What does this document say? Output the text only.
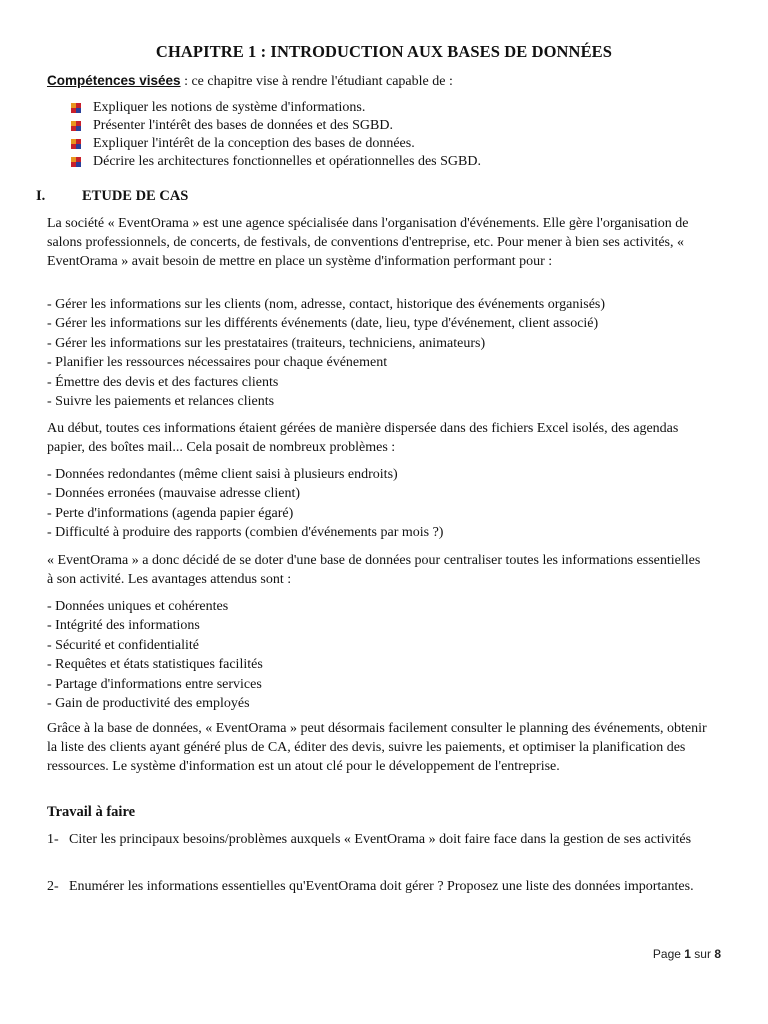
CHAPITRE 1 : INTRODUCTION AUX BASES DE DONNÉES
Compétences visées : ce chapitre vise à rendre l'étudiant capable de :
Expliquer les notions de système d'informations.
Présenter l'intérêt des bases de données et des SGBD.
Expliquer l'intérêt de la conception des bases de données.
Décrire les architectures fonctionnelles et opérationnelles des SGBD.
I.	ETUDE DE CAS

La société « EventOrama » est une agence spécialisée dans l'organisation d'événements. Elle gère l'organisation de salons professionnels, de concerts, de festivals, de conventions d'entreprise, etc. Pour mener à bien ses activités, « EventOrama » avait besoin de mettre en place un système d'information performant pour :

- Gérer les informations sur les clients (nom, adresse, contact, historique des événements organisés)
- Gérer les informations sur les différents événements (date, lieu, type d'événement, client associé)
- Gérer les informations sur les prestataires (traiteurs, techniciens, animateurs)
- Planifier les ressources nécessaires pour chaque événement
- Émettre des devis et des factures clients
- Suivre les paiements et relances clients

Au début, toutes ces informations étaient gérées de manière dispersée dans des fichiers Excel isolés, des agendas papier, des boîtes mail... Cela posait de nombreux problèmes :

- Données redondantes (même client saisi à plusieurs endroits)
- Données erronées (mauvaise adresse client)
- Perte d'informations (agenda papier égaré)
- Difficulté à produire des rapports (combien d'événements par mois ?)

« EventOrama » a donc décidé de se doter d'une base de données pour centraliser toutes les informations essentielles à son activité. Les avantages attendus sont :

- Données uniques et cohérentes
- Intégrité des informations
- Sécurité et confidentialité
- Requêtes et états statistiques facilités
- Partage d'informations entre services
- Gain de productivité des employés

Grâce à la base de données, « EventOrama » peut désormais facilement consulter le planning des événements, obtenir la liste des clients ayant généré plus de CA, éditer des devis, suivre les paiements, et optimiser la planification des ressources. Le système d'information est un atout clé pour le développement de l'entreprise.

Travail à faire
1- Citer les principaux besoins/problèmes auxquels « EventOrama » doit faire face dans la gestion de ses activités
2- Enumérer les informations essentielles qu'EventOrama doit gérer ? Proposez une liste des données importantes.
Page 1 sur 8
